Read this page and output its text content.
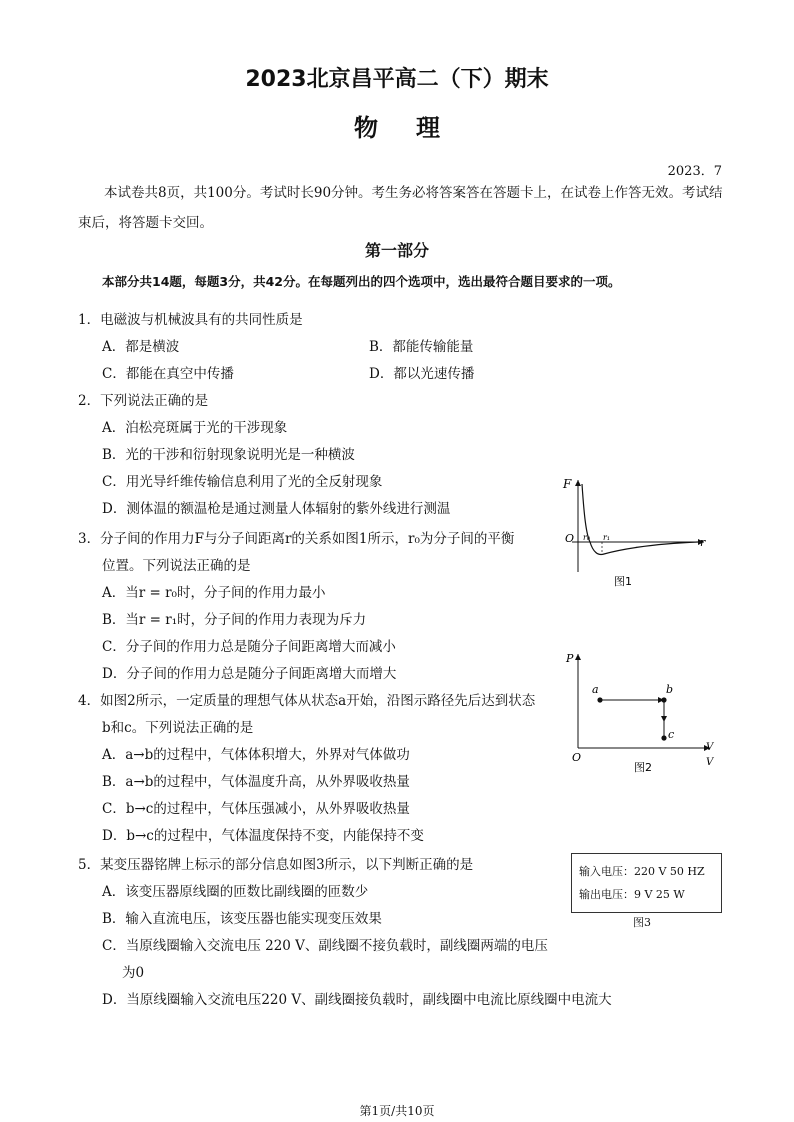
2023北京昌平高二（下）期末
物理
2023．7
本试卷共8页，共100分。考试时长90分钟。考生务必将答案答在答题卡上，在试卷上作答无效。考试结束后，将答题卡交回。
第一部分
本部分共14题，每题3分，共42分。在每题列出的四个选项中，选出最符合题目要求的一项。
1．电磁波与机械波具有的共同性质是
A．都是横波	B．都能传输能量
C．都能在真空中传播	D．都以光速传播
2．下列说法正确的是
A．泊松亮斑属于光的干涉现象
B．光的干涉和衍射现象说明光是一种横波
C．用光导纤维传输信息利用了光的全反射现象
D．测体温的额温枪是通过测量人体辐射的紫外线进行测温
3．分子间的作用力F与分子间距离r的关系如图1所示，r₀为分子间的平衡
位置。下列说法正确的是
A．当r = r₀时，分子间的作用力最小
B．当r = r₁时，分子间的作用力表现为斥力
C．分子间的作用力总是随分子间距离增大而减小
D．分子间的作用力总是随分子间距离增大而增大
4．如图2所示，一定质量的理想气体从状态a开始，沿图示路径先后达到状态
b和c。下列说法正确的是
A．a→b的过程中，气体体积增大，外界对气体做功
B．a→b的过程中，气体温度升高，从外界吸收热量
C．b→c的过程中，气体压强减小，从外界吸收热量
D．b→c的过程中，气体温度保持不变，内能保持不变
5．某变压器铭牌上标示的部分信息如图3所示，以下判断正确的是
A．该变压器原线圈的匝数比副线圈的匝数少
B．输入直流电压，该变压器也能实现变压效果
C．当原线圈输入交流电压 220 V、副线圈不接负载时，副线圈两端的电压
为0
D．当原线圈输入交流电压220 V、副线圈接负载时，副线圈中电流比原线圈中电流大
F
O	r
r₀ r₁
图1
P
O
V
V
a	b
c
图2
输入电压：220 V 50 HZ
输出电压：9 V 25 W
图3
第1页/共10页
